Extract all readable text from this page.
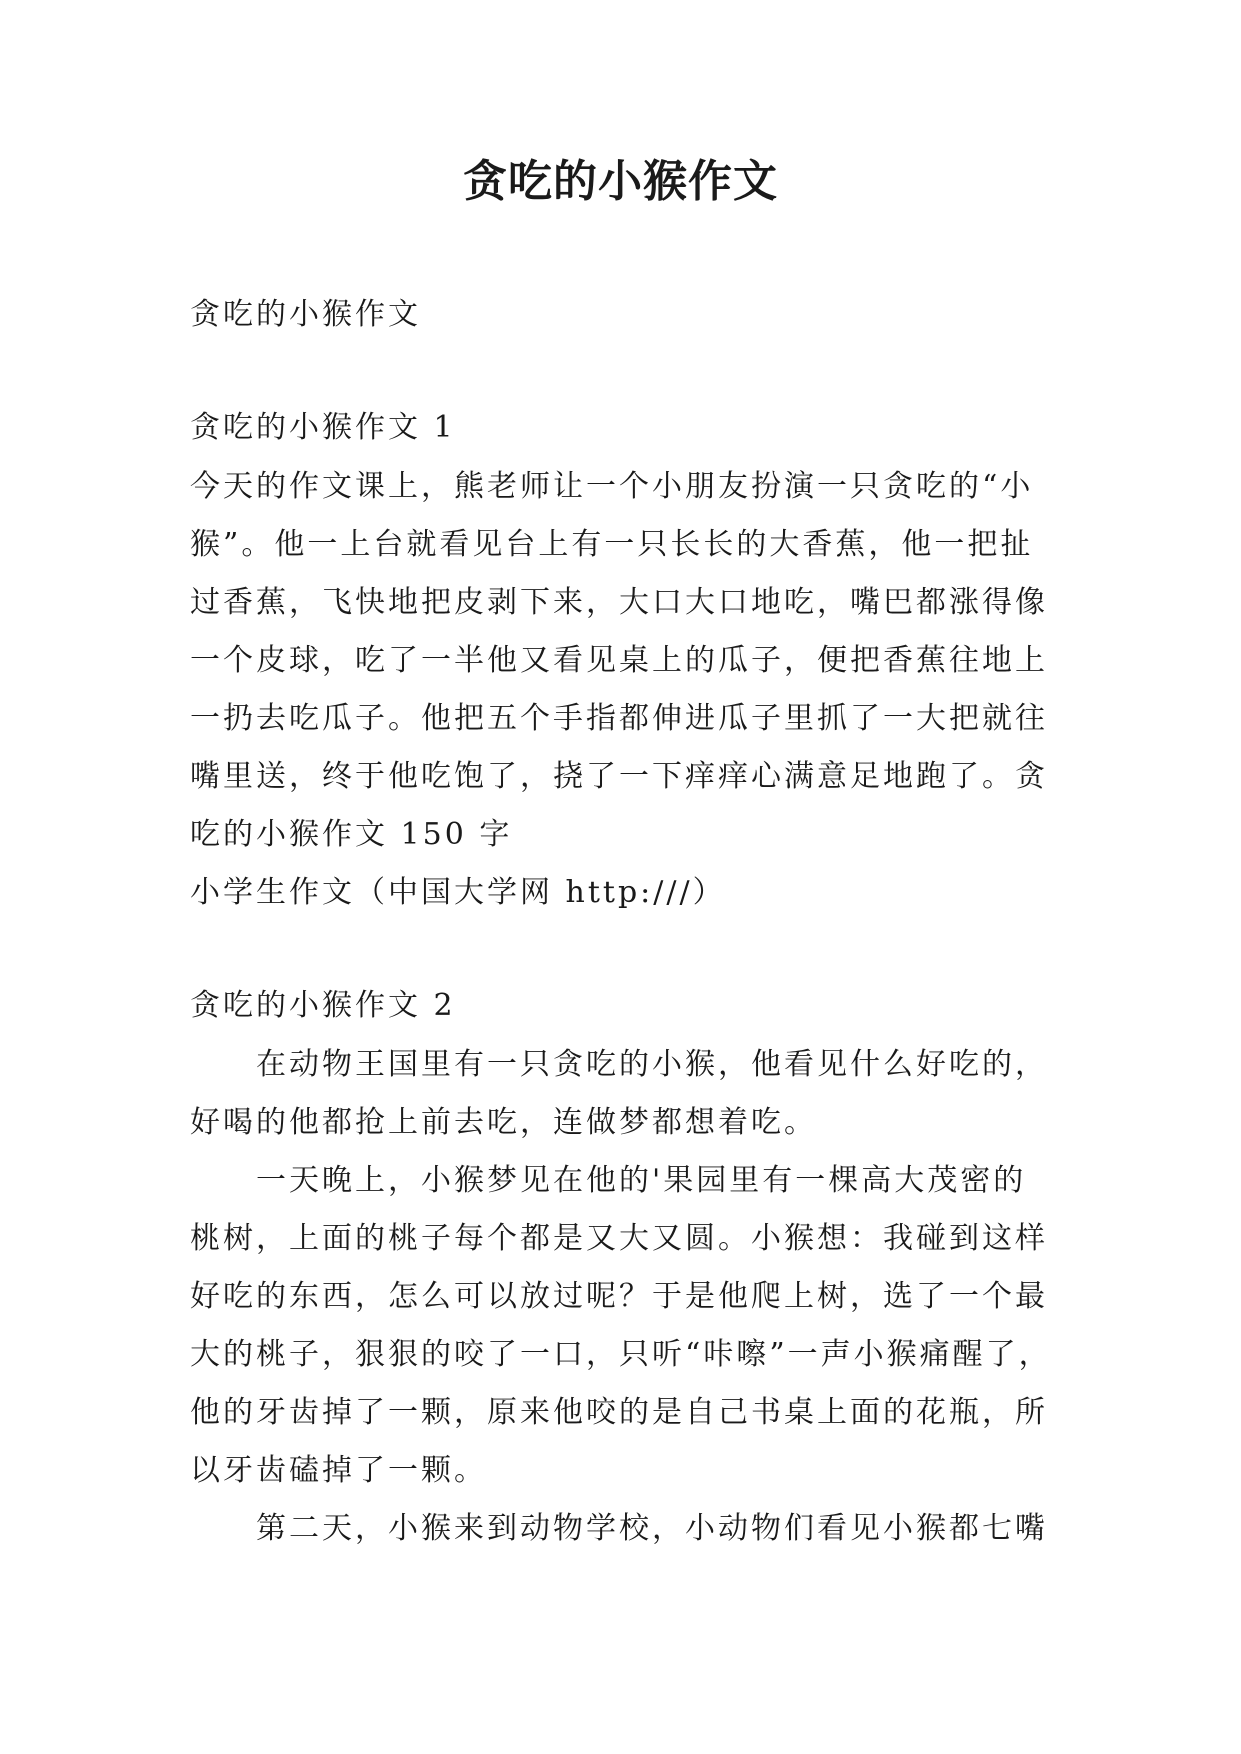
贪吃的小猴作文
贪吃的小猴作文
贪吃的小猴作文 1
今天的作文课上，熊老师让一个小朋友扮演一只贪吃的“小
猴”。他一上台就看见台上有一只长长的大香蕉，他一把扯
过香蕉，飞快地把皮剥下来，大口大口地吃，嘴巴都涨得像
一个皮球，吃了一半他又看见桌上的瓜子，便把香蕉往地上
一扔去吃瓜子。他把五个手指都伸进瓜子里抓了一大把就往
嘴里送，终于他吃饱了，挠了一下痒痒心满意足地跑了。贪
吃的小猴作文 150 字
小学生作文（中国大学网 http:///）
贪吃的小猴作文 2
在动物王国里有一只贪吃的小猴，他看见什么好吃的，
好喝的他都抢上前去吃，连做梦都想着吃。
一天晚上，小猴梦见在他的'果园里有一棵高大茂密的
桃树，上面的桃子每个都是又大又圆。小猴想：我碰到这样
好吃的东西，怎么可以放过呢？于是他爬上树，选了一个最
大的桃子，狠狠的咬了一口，只听“咔嚓”一声小猴痛醒了，
他的牙齿掉了一颗，原来他咬的是自己书桌上面的花瓶，所
以牙齿磕掉了一颗。
第二天，小猴来到动物学校，小动物们看见小猴都七嘴
